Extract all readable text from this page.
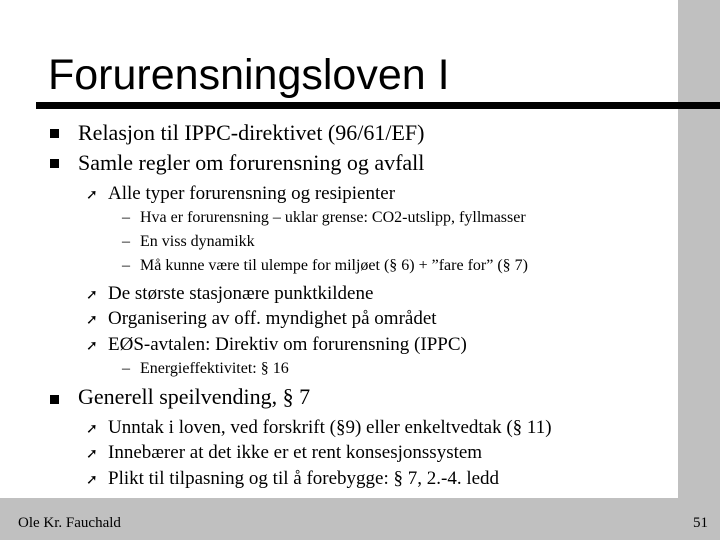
Forurensningsloven I
Relasjon til IPPC-direktivet (96/61/EF)
Samle regler om forurensning og avfall
➚ Alle typer forurensning og resipienter
– Hva er forurensning – uklar grense: CO2-utslipp, fyllmasser
– En viss dynamikk
– Må kunne være til ulempe for miljøet (§ 6) + ”fare for” (§ 7)
➚ De største stasjonære punktkildene
➚ Organisering av off. myndighet på området
➚ EØS-avtalen: Direktiv om forurensning (IPPC)
– Energieffektivitet: § 16
Generell speilvending, § 7
➚ Unntak i loven, ved forskrift (§9) eller enkeltvedtak (§ 11)
➚ Innebærer at det ikke er et rent konsesjonssystem
➚ Plikt til tilpasning og til å forebygge: § 7, 2.-4. ledd
Ole Kr. Fauchald	51
